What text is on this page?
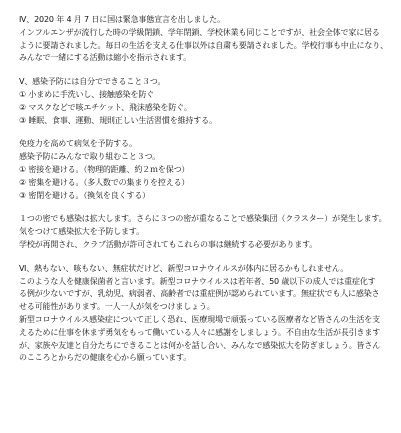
Ⅳ、2020 年 4 月 7 日に国は緊急事態宣言を出しました。
インフルエンザが流行した時の学級閉鎖、学年閉鎖、学校休業も同じことですが、社会全体で家に居る
ように要請されました。毎日の生活を支える仕事以外は自粛も要請されました。学校行事も中止になり、
みんなで一緒にする活動は縮小を指示されます。
Ⅴ、感染予防には自分でできること３つ。
① 小まめに手洗いし、接触感染を防ぐ
② マスクなどで咳エチケット、飛沫感染を防ぐ。
③ 睡眠、食事、運動、規則正しい生活習慣を維持する。
免疫力を高めて病気を予防する。
感染予防にみんなで取り組むこと３つ。
① 密接を避ける。（物理的距離、約２ｍを保つ）
② 密集を避ける。（多人数での集まりを控える）
③ 密閉を避ける。（換気を良くする）
１つの密でも感染は拡大します。さらに３つの密が重なることで感染集団（クラスター）が発生します。
気をつけて感染拡大を予防します。
学校が再開され、クラブ活動が許可されてもこれらの事は継続する必要があります。
Ⅵ、熱もない、咳もない、無症状だけど、新型コロナウイルスが体内に居るかもしれません。
このような人を健康保菌者と言います。新型コロナウイルスは若年者、50 歳以下の成人では重症化す
る例が少ないですが、乳幼児、病弱者、高齢者では重症例が認められています。無症状でも人に感染さ
せる可能性があります。一人一人が気をつけましょう。
新型コロナウイルス感染症について正しく恐れ、医療現場で頑張っている医療者など皆さんの生活を支
えるために仕事を休まず勇気をもって働いている人々に感謝をしましょう。不自由な生活が長引きます
が、家族や友達と自分たちにできることは何かを話し合い、みんなで感染拡大を防ぎましょう。皆さん
のこころとからだの健康を心から願っています。
